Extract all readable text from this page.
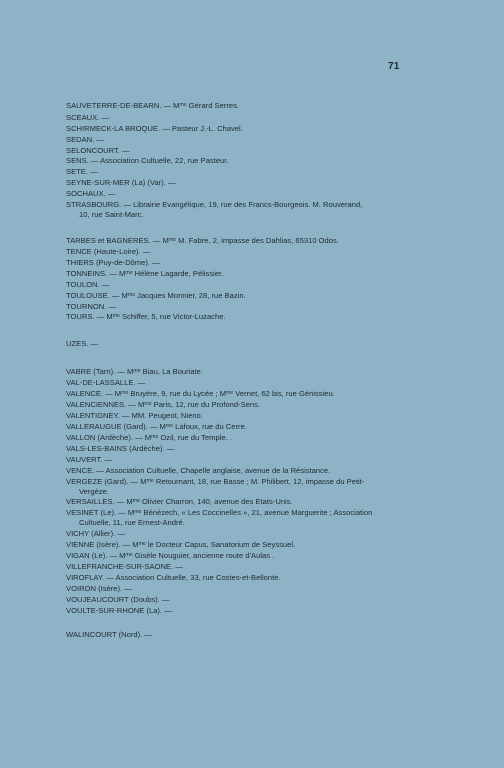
71
SAUVETERRE-DE-BEARN. — Mᵐᵉ Gérard Serres.
SCEAUX. —
SCHIRMECK-LA BROQUE. — Pasteur J.-L. Chavel.
SEDAN. —
SELONCOURT. —
SENS. — Association Cultuelle, 22, rue Pasteur.
SETE. —
SEYNE-SUR-MER (La) (Var). —
SOCHAUX. —
STRASBOURG. — Librairie Evangélique, 19, rue des Francs-Bourgeois. M. Rouverand,
10, rue Saint-Marc.
TARBES et BAGNERES. — Mᵐᵉ M. Fabre, 2, impasse des Dahlias, 65310 Odos.
TENCE (Haute-Loire). —
THIERS (Puy-de-Dôme). —
TONNEINS. — Mᵐᵉ Hélène Lagarde, Pélissier.
TOULON. —
TOULOUSE. — Mᵐᵉ Jacques Monnier, 28, rue Bazin.
TOURNON. —
TOURS. — Mᵐᵉ Schiffer, 5, rue Victor-Luzache.
UZES. —
VABRE (Tarn). — Mᵐᵉ Biau, La Bouriate.
VAL-DE-LASSALLE. —
VALENCE. — Mᵐᵉ Bruyère, 9, rue du Lycée ; Mᵐᵉ Vernet, 62 bis, rue Génissieu.
VALENCIENNES. — Mᵐᵉ Paris, 12, rue du Profond-Sens.
VALENTIGNEY. — MM. Peugeot, Nieno.
VALLERAUGUE (Gard). — Mᵐᵉ Lafoux, rue du Cerre.
VALLON (Ardèche). — Mᵐᵉ Ozil, rue du Temple. .
VALS-LES-BAINS (Ardèche). —
VAUVERT. —
VENCE. — Association Cultuelle, Chapelle anglaise, avenue de la Résistance.
VERGEZE (Gard). — Mᵐᵉ Retournant, 18, rue Basse ; M. Philibert, 12, impasse du Petit-
Vergèze.
VERSAILLES. — Mᵐᵉ Olivier Charron, 140, avenue des Etats-Unis.
VESINET (Le). — Mᵐᵉ Bénézech, « Les Coccinelles », 21, avenue Marguerite ; Association
Cultuelle, 11, rue Ernest-André.
VICHY (Allier). —
VIENNE (Isère). — Mᵐᵉ le Docteur Capus, Sanatorium de Seyssuel.
VIGAN (Le). — Mᵐᵉ Gisèle Nouguier, ancienne route d'Aulas .
VILLEFRANCHE-SUR-SAONE. —
VIROFLAY. — Association Cultuelle, 33, rue Costes-et-Bellonte.
VOIRON (Isère). —
VOUJEAUCOURT (Doubs). —
VOULTE-SUR-RHONE (La). —
WALINCOURT (Nord). —
